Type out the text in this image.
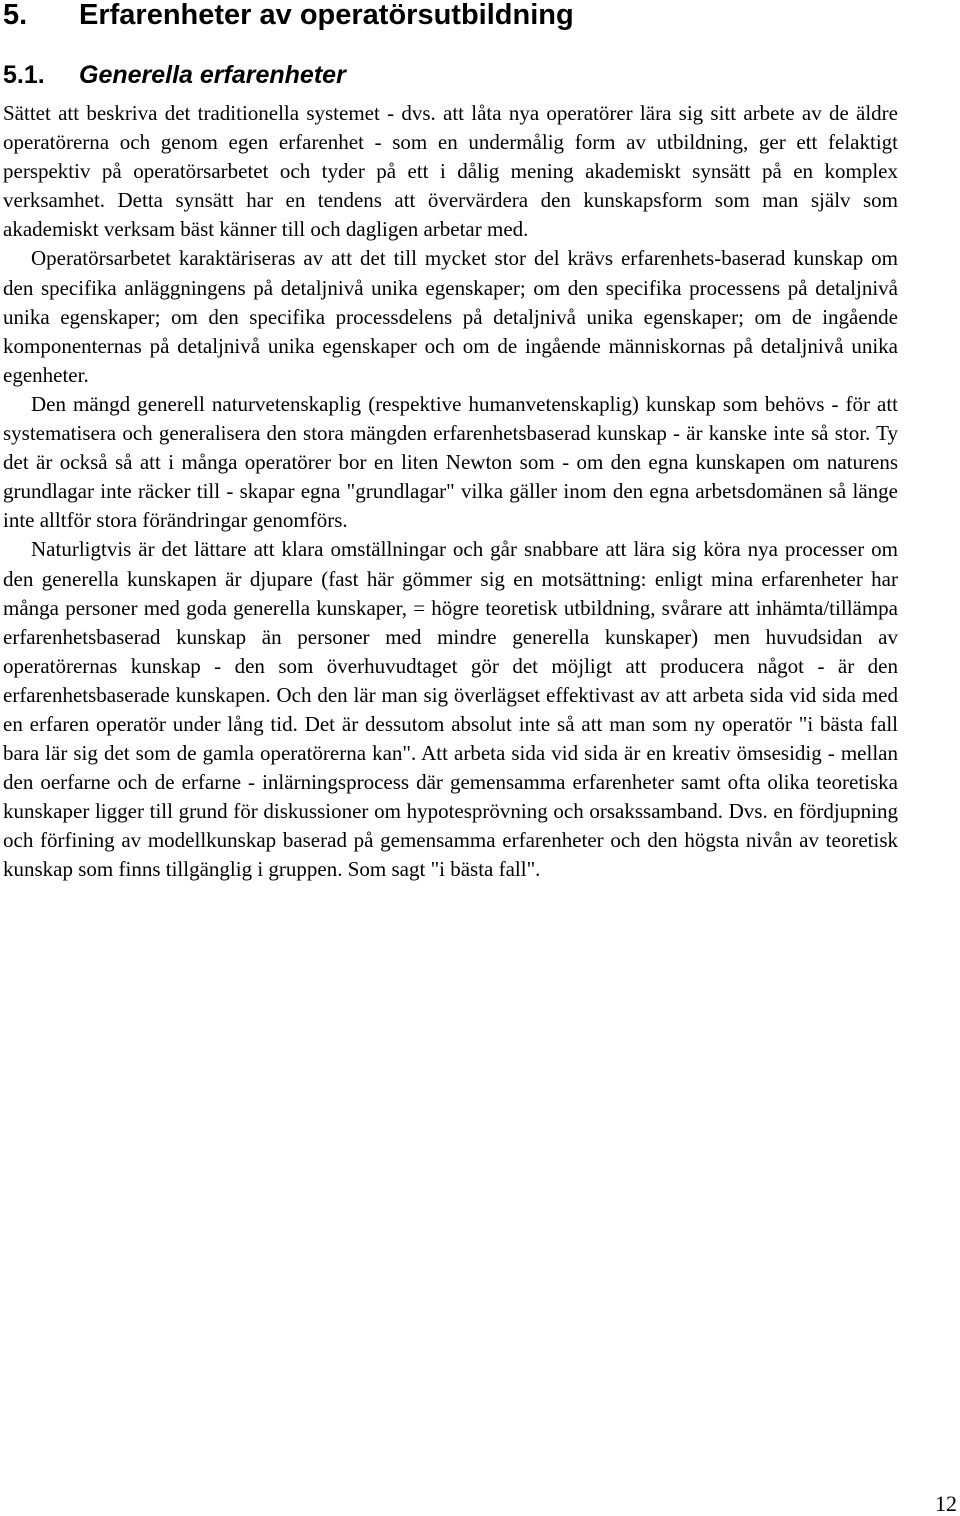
5. Erfarenheter av operatörsutbildning
5.1. Generella erfarenheter

Sättet att beskriva det traditionella systemet - dvs. att låta nya operatörer lära sig sitt arbete av de äldre operatörerna och genom egen erfarenhet - som en undermålig form av utbildning, ger ett felaktigt perspektiv på operatörsarbetet och tyder på ett i dålig mening akademiskt synsätt på en komplex verksamhet. Detta synsätt har en tendens att övervärdera den kunskapsform som man själv som akademiskt verksam bäst känner till och dagligen arbetar med.

Operatörsarbetet karaktäriseras av att det till mycket stor del krävs erfarenhets-baserad kunskap om den specifika anläggningens på detaljnivå unika egenskaper; om den specifika processens på detaljnivå unika egenskaper; om den specifika processdelens på detaljnivå unika egenskaper; om de ingående komponenternas på detaljnivå unika egenskaper och om de ingående människornas på detaljnivå unika egenheter.

Den mängd generell naturvetenskaplig (respektive humanvetenskaplig) kunskap som behövs - för att systematisera och generalisera den stora mängden erfarenhetsbaserad kunskap - är kanske inte så stor. Ty det är också så att i många operatörer bor en liten Newton som - om den egna kunskapen om naturens grundlagar inte räcker till - skapar egna "grundlagar" vilka gäller inom den egna arbetsdomänen så länge inte alltför stora förändringar genomförs.

Naturligtvis är det lättare att klara omställningar och går snabbare att lära sig köra nya processer om den generella kunskapen är djupare (fast här gömmer sig en motsättning: enligt mina erfarenheter har många personer med goda generella kunskaper, = högre teoretisk utbildning, svårare att inhämta/tillämpa erfarenhetsbaserad kunskap än personer med mindre generella kunskaper) men huvudsidan av operatörernas kunskap - den som överhuvudtaget gör det möjligt att producera något - är den erfarenhetsbaserade kunskapen. Och den lär man sig överlägset effektivast av att arbeta sida vid sida med en erfaren operatör under lång tid. Det är dessutom absolut inte så att man som ny operatör "i bästa fall bara lär sig det som de gamla operatörerna kan". Att arbeta sida vid sida är en kreativ ömsesidig - mellan den oerfarne och de erfarne - inlärningsprocess där gemensamma erfarenheter samt ofta olika teoretiska kunskaper ligger till grund för diskussioner om hypotesprövning och orsakssamband. Dvs. en fördjupning och förfining av modellkunskap baserad på gemensamma erfarenheter och den högsta nivån av teoretisk kunskap som finns tillgänglig i gruppen. Som sagt "i bästa fall".

12
